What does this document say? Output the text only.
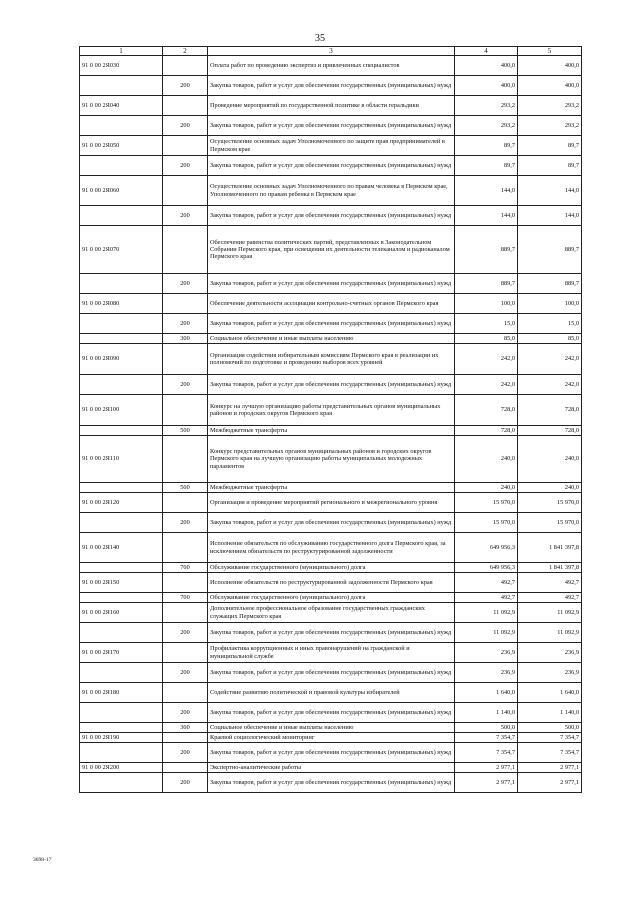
35
1	2	3	4	5
91 0 00 2Я030		Оплата работ по проведению экспертиз и привлеченных специалистов	400,0	400,0
	200	Закупка товаров, работ и услуг для обеспечения государственных (муниципальных) нужд	400,0	400,0
91 0 00 2Я040		Проведение мероприятий по государственной политике в области геральдики	293,2	293,2
	200	Закупка товаров, работ и услуг для обеспечения государственных (муниципальных) нужд	293,2	293,2
91 0 00 2Я050		Осуществление основных задач Уполномоченного по защите прав предпринимателей в Пермском крае	89,7	89,7
	200	Закупка товаров, работ и услуг для обеспечения государственных (муниципальных) нужд	89,7	89,7
91 0 00 2Я060		Осуществление основных задач Уполномоченного по правам человека в Пермском крае, Уполномоченного по правам ребенка в Пермском крае	144,0	144,0
	200	Закупка товаров, работ и услуг для обеспечения государственных (муниципальных) нужд	144,0	144,0
91 0 00 2Я070		Обеспечение равенства политических партий, представленных в Законодательном Собрании Пермского края, при освещении их деятельности телеканалом и радиоканалом Пермского края	889,7	889,7
	200	Закупка товаров, работ и услуг для обеспечения государственных (муниципальных) нужд	889,7	889,7
91 0 00 2Я080		Обеспечение деятельности ассоциации контрольно-счетных органов Пермского края	100,0	100,0
	200	Закупка товаров, работ и услуг для обеспечения государственных (муниципальных) нужд	15,0	15,0
	300	Социальное обеспечение и иные выплаты населению	85,0	85,0
91 0 00 2Я090		Организация содействия избирательным комиссиям Пермского края в реализации их полномочий по подготовке и проведению выборов всех уровней	242,0	242,0
	200	Закупка товаров, работ и услуг для обеспечения государственных (муниципальных) нужд	242,0	242,0
91 0 00 2Я100		Конкурс на лучшую организацию работы представительных органов муниципальных районов и городских округов Пермского края	728,0	728,0
	500	Межбюджетные трансферты	728,0	728,0
91 0 00 2Я110		Конкурс представительных органов муниципальных районов и городских округов Пермского края на лучшую организацию работы муниципальных молодежных парламентов	240,0	240,0
	500	Межбюджетные трансферты	240,0	240,0
91 0 00 2Я120		Организация и проведение мероприятий регионального и межрегионального уровня	15 970,0	15 970,0
	200	Закупка товаров, работ и услуг для обеспечения государственных (муниципальных) нужд	15 970,0	15 970,0
91 0 00 2Я140		Исполнение обязательств по обслуживанию государственного долга Пермского края, за исключением обязательств по реструктурированной задолженности	649 956,3	1 841 397,8
	700	Обслуживание государственного (муниципального) долга	649 956,3	1 841 397,8
91 0 00 2Я150		Исполнение обязательств по реструктурированной задолженности Пермского края	492,7	492,7
	700	Обслуживание государственного (муниципального) долга	492,7	492,7
91 0 00 2Я160		Дополнительное профессиональное образование государственных гражданских служащих Пермского края	11 092,9	11 092,9
	200	Закупка товаров, работ и услуг для обеспечения государственных (муниципальных) нужд	11 092,9	11 092,9
91 0 00 2Я170		Профилактика коррупционных и иных правонарушений на гражданской и муниципальной службе	236,9	236,9
	200	Закупка товаров, работ и услуг для обеспечения государственных (муниципальных) нужд	236,9	236,9
91 0 00 2Я180		Содействие развитию политической и правовой культуры избирателей	1 640,0	1 640,0
	200	Закупка товаров, работ и услуг для обеспечения государственных (муниципальных) нужд	1 140,0	1 140,0
	300	Социальное обеспечение и иные выплаты населению	500,0	500,0
91 0 00 2Я190		Краевой социологический мониторинг	7 354,7	7 354,7
	200	Закупка товаров, работ и услуг для обеспечения государственных (муниципальных) нужд	7 354,7	7 354,7
91 0 00 2Я200		Экспертно-аналитические работы	2 977,1	2 977,1
	200	Закупка товаров, работ и услуг для обеспечения государственных (муниципальных) нужд	2 977,1	2 977,1
3698-17
